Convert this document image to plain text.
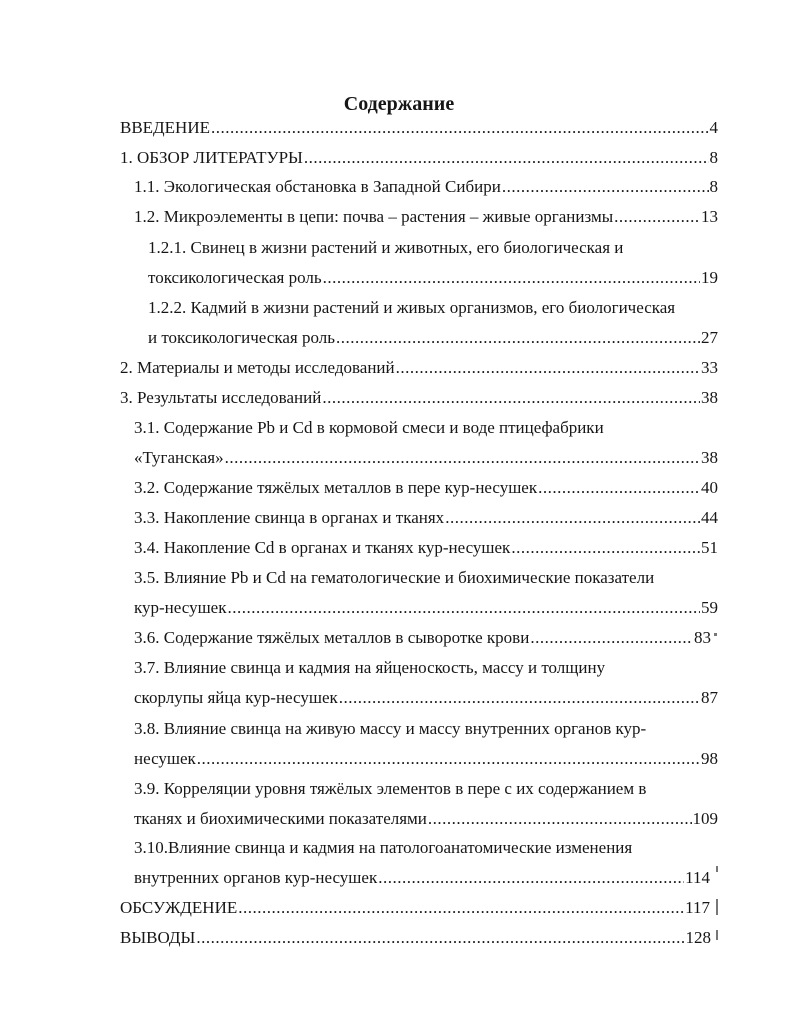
Содержание
ВВЕДЕНИЕ .....	4
1. ОБЗОР ЛИТЕРАТУРЫ .....	8
1.1. Экологическая обстановка в Западной Сибири .....	8
1.2. Микроэлементы в цепи: почва – растения – живые организмы .....	13
1.2.1. Свинец в жизни растений и животных, его биологическая и
токсикологическая роль .....	19
1.2.2. Кадмий в жизни растений и живых организмов, его биологическая
и токсикологическая роль .....	27
2. Материалы и методы исследований .....	33
3. Результаты исследований .....	38
3.1. Содержание Pb и Cd в кормовой смеси и воде птицефабрики
«Туганская» .....	38
3.2. Содержание тяжёлых металлов в пере кур-несушек .....	40
3.3. Накопление свинца в органах и тканях .....	44
3.4. Накопление Cd в органах и тканях кур-несушек .....	51
3.5. Влияние Pb и Cd на гематологические и биохимические показатели
кур-несушек .....	59
3.6. Содержание тяжёлых металлов в сыворотке крови .....	83
3.7. Влияние свинца и кадмия на яйценоскость, массу и толщину
скорлупы яйца кур-несушек .....	87
3.8. Влияние свинца на живую массу и массу внутренних органов кур-
несушек .....	98
3.9. Корреляции уровня тяжёлых элементов в пере с их содержанием в
тканях и биохимическими показателями .....	109
3.10.Влияние свинца и кадмия на патологоанатомические изменения
внутренних органов кур-несушек .....	114
ОБСУЖДЕНИЕ .....	117
ВЫВОДЫ .....	128
